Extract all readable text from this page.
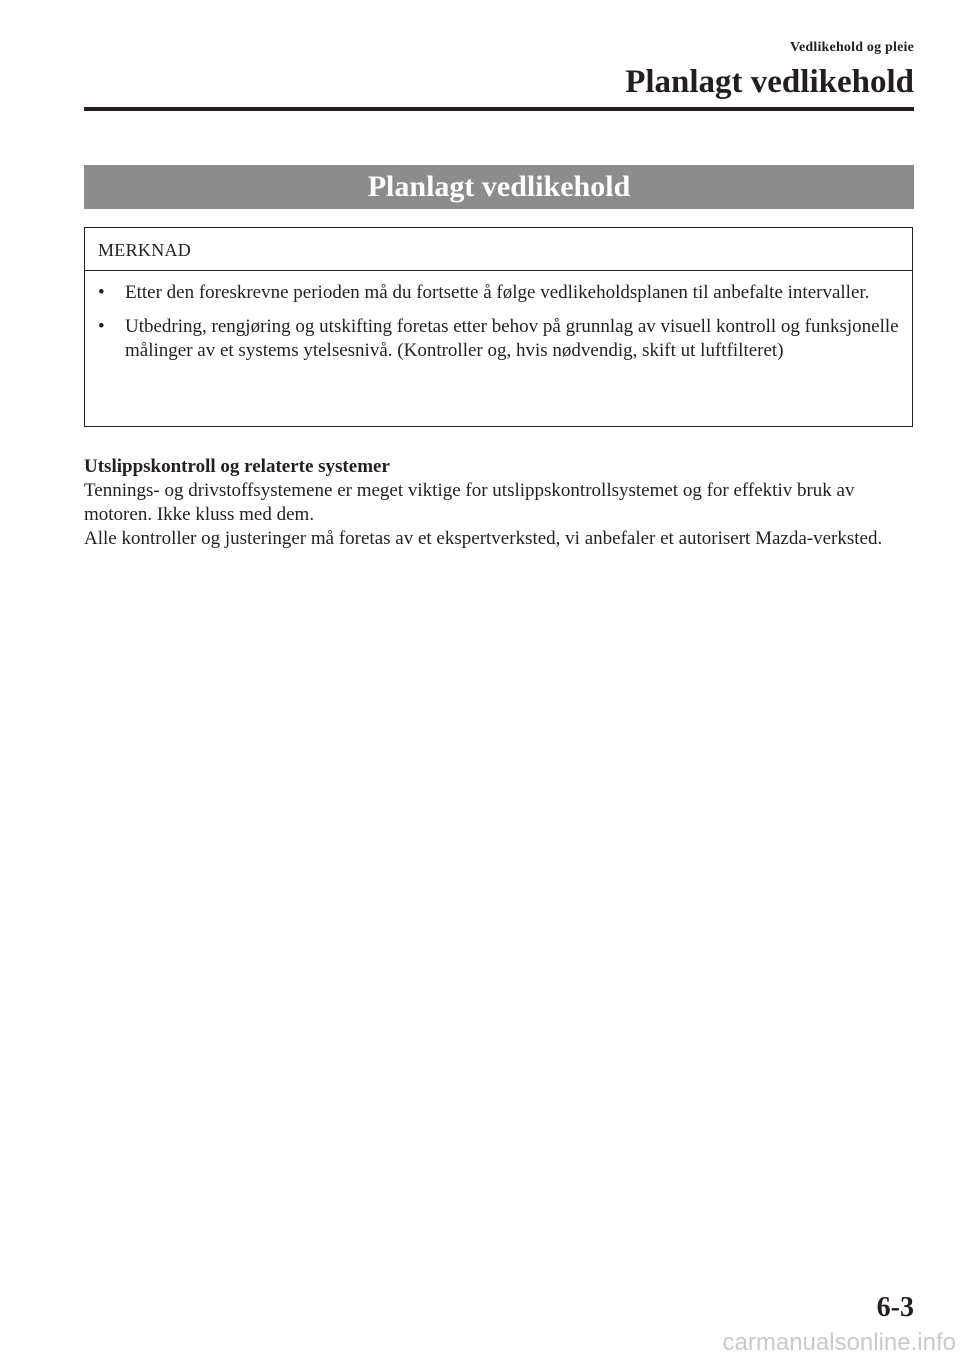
Vedlikehold og pleie
Planlagt vedlikehold
Planlagt vedlikehold
MERKNAD
• Etter den foreskrevne perioden må du fortsette å følge vedlikeholdsplanen til anbefalte intervaller.
• Utbedring, rengjøring og utskifting foretas etter behov på grunnlag av visuell kontroll og funksjonelle målinger av et systems ytelsesnivå. (Kontroller og, hvis nødvendig, skift ut luftfilteret)

Utslippskontroll og relaterte systemer

Tennings- og drivstoffsystemene er meget viktige for utslippskontrollsystemet og for effektiv bruk av motoren. Ikke kluss med dem.

Alle kontroller og justeringer må foretas av et ekspertverksted, vi anbefaler et autorisert Mazda-verksted.

6-3
carmanualsonline.info
